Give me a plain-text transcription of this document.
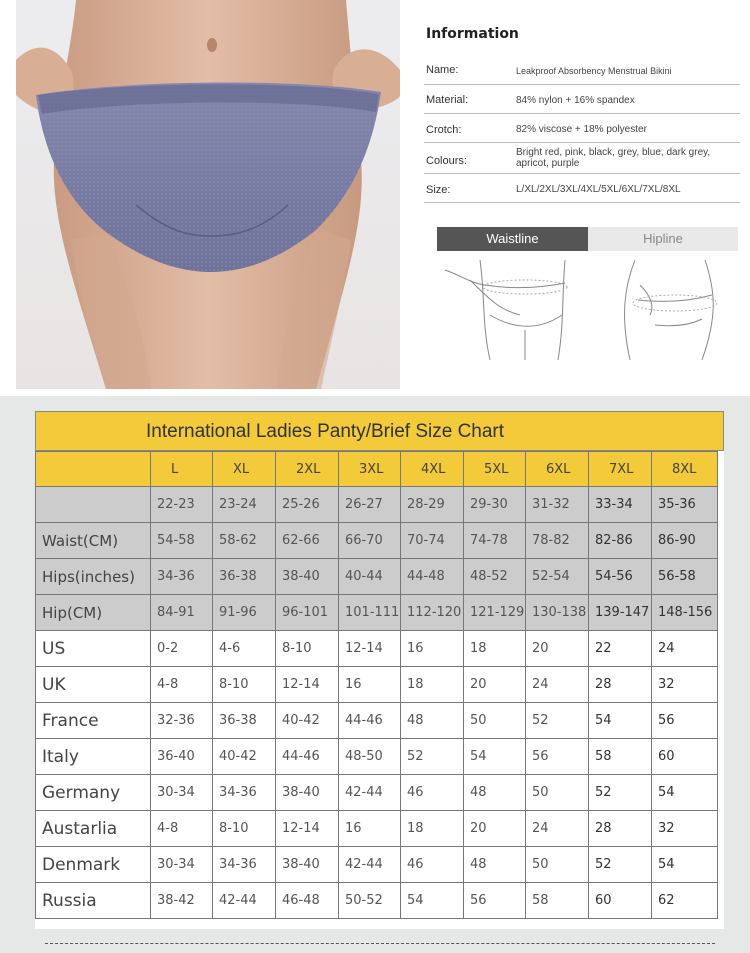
Information
Name:	Leakproof Absorbency Menstrual Bikini
Material:	84% nylon + 16% spandex
Crotch:	82% viscose + 18% polyester
Colours:
Bright red, pink, black, grey, blue, dark grey, apricot, purple
Size:	L/XL/2XL/3XL/4XL/5XL/6XL/7XL/8XL
Waistline	Hipline
International Ladies Panty/Brief Size Chart
	L	XL	2XL	3XL	4XL	5XL	6XL	7XL	8XL
	22-23	23-24	25-26	26-27	28-29	29-30	31-32	33-34	35-36
Waist(CM)	54-58	58-62	62-66	66-70	70-74	74-78	78-82	82-86	86-90
Hips(inches)	34-36	36-38	38-40	40-44	44-48	48-52	52-54	54-56	56-58
Hip(CM)	84-91	91-96	96-101	101-111	112-120	121-129	130-138	139-147	148-156
US	0-2	4-6	8-10	12-14	16	18	20	22	24
UK	4-8	8-10	12-14	16	18	20	24	28	32
France	32-36	36-38	40-42	44-46	48	50	52	54	56
Italy	36-40	40-42	44-46	48-50	52	54	56	58	60
Germany	30-34	34-36	38-40	42-44	46	48	50	52	54
Austarlia	4-8	8-10	12-14	16	18	20	24	28	32
Denmark	30-34	34-36	38-40	42-44	46	48	50	52	54
Russia	38-42	42-44	46-48	50-52	54	56	58	60	62
